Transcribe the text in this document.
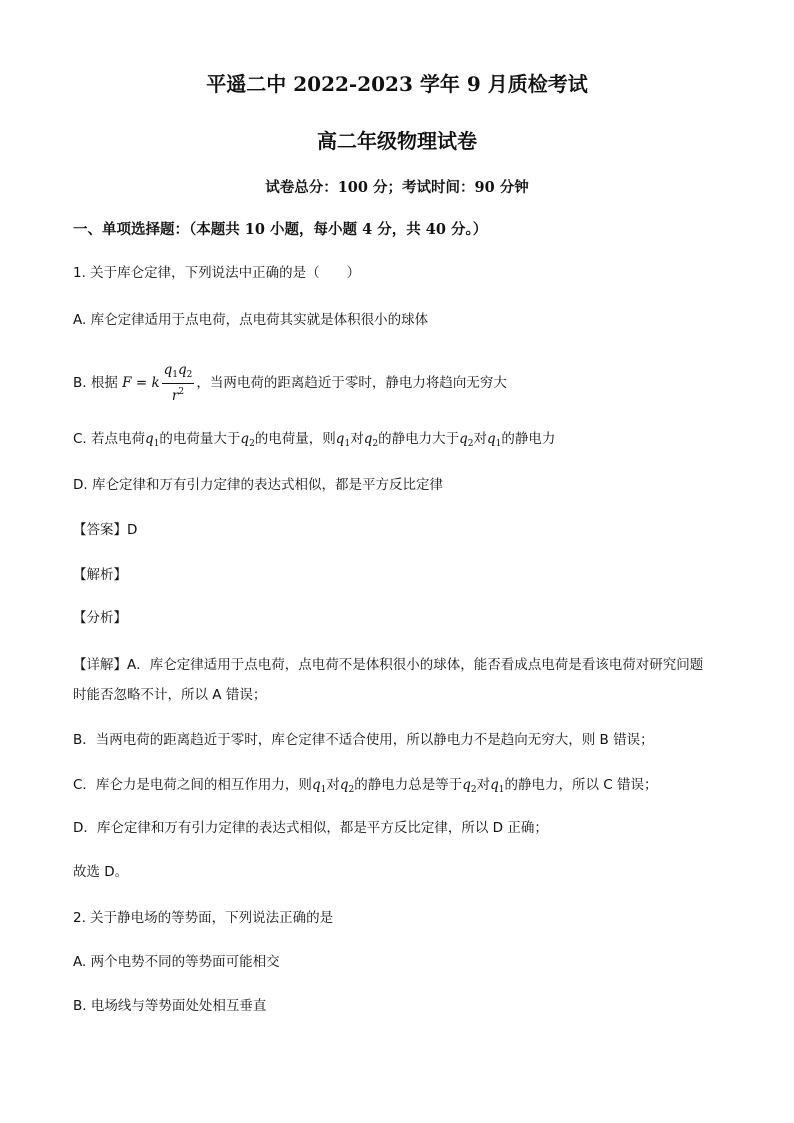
平遥二中 2022-2023 学年 9 月质检考试
高二年级物理试卷
试卷总分：100 分；考试时间：90 分钟
一、单项选择题：（本题共 10 小题，每小题 4 分，共 40 分。）
1. 关于库仑定律，下列说法中正确的是（　　）
A. 库仑定律适用于点电荷，点电荷其实就是体积很小的球体
B. 根据 F = k $\frac{q_1q_2}{r^2}$ ，当两电荷的距离趋近于零时，静电力将趋向无穷大
C. 若点电荷$q_1$的电荷量大于$q_2$的电荷量，则$q_1$对$q_2$的静电力大于$q_2$对$q_1$的静电力
D. 库仑定律和万有引力定律的表达式相似，都是平方反比定律
【答案】D
【解析】
【分析】
【详解】A．库仑定律适用于点电荷，点电荷不是体积很小的球体，能否看成点电荷是看该电荷对研究问题
时能否忽略不计，所以 A 错误；
B．当两电荷的距离趋近于零时，库仑定律不适合使用，所以静电力不是趋向无穷大，则 B 错误；
C．库仑力是电荷之间的相互作用力，则$q_1$对$q_2$的静电力总是等于$q_2$对$q_1$的静电力，所以 C 错误；
D．库仑定律和万有引力定律的表达式相似，都是平方反比定律，所以 D 正确；
故选 D。
2. 关于静电场的等势面，下列说法正确的是
A. 两个电势不同的等势面可能相交
B. 电场线与等势面处处相互垂直
